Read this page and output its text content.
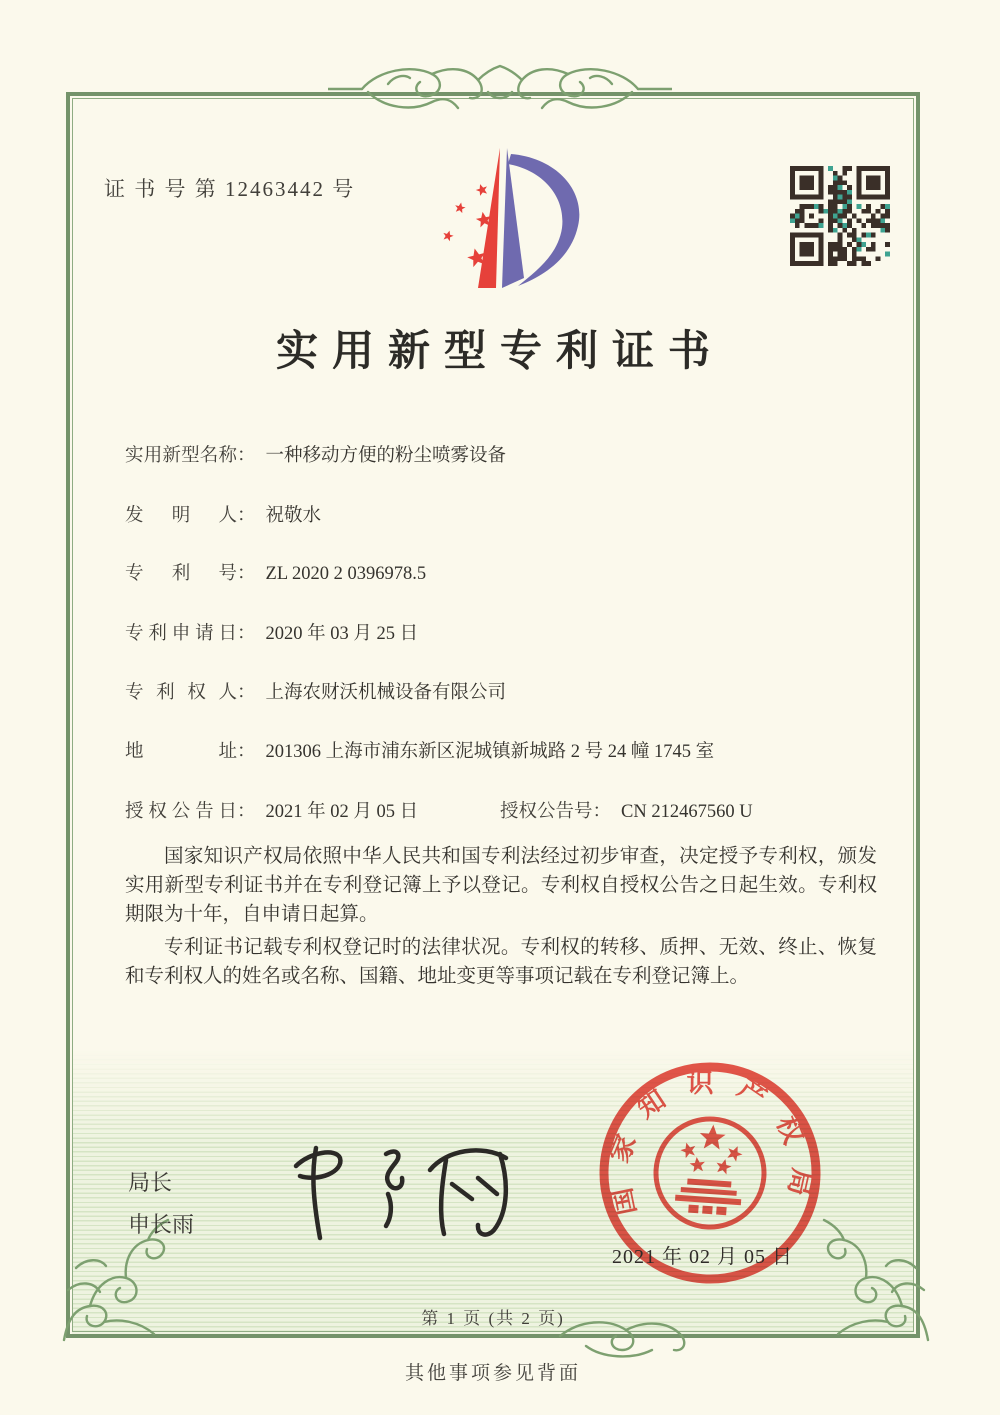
证 书 号 第 12463442 号
实用新型专利证书
实用新型名称： 一种移动方便的粉尘喷雾设备
发明人： 祝敬水
专利号： ZL 2020 2 0396978.5
专利申请日： 2020 年 03 月 25 日
专利权人： 上海农财沃机械设备有限公司
地址： 201306 上海市浦东新区泥城镇新城路 2 号 24 幢 1745 室
授权公告日： 2021 年 02 月 05 日	授权公告号： CN 212467560 U

国家知识产权局依照中华人民共和国专利法经过初步审查，决定授予专利权，颁发实用新型专利证书并在专利登记簿上予以登记。专利权自授权公告之日起生效。专利权期限为十年，自申请日起算。

专利证书记载专利权登记时的法律状况。专利权的转移、质押、无效、终止、恢复和专利权人的姓名或名称、国籍、地址变更等事项记载在专利登记簿上。

局长
申长雨
国家知识产权局
2021 年 02 月 05 日
第 1 页 (共 2 页)
其他事项参见背面
